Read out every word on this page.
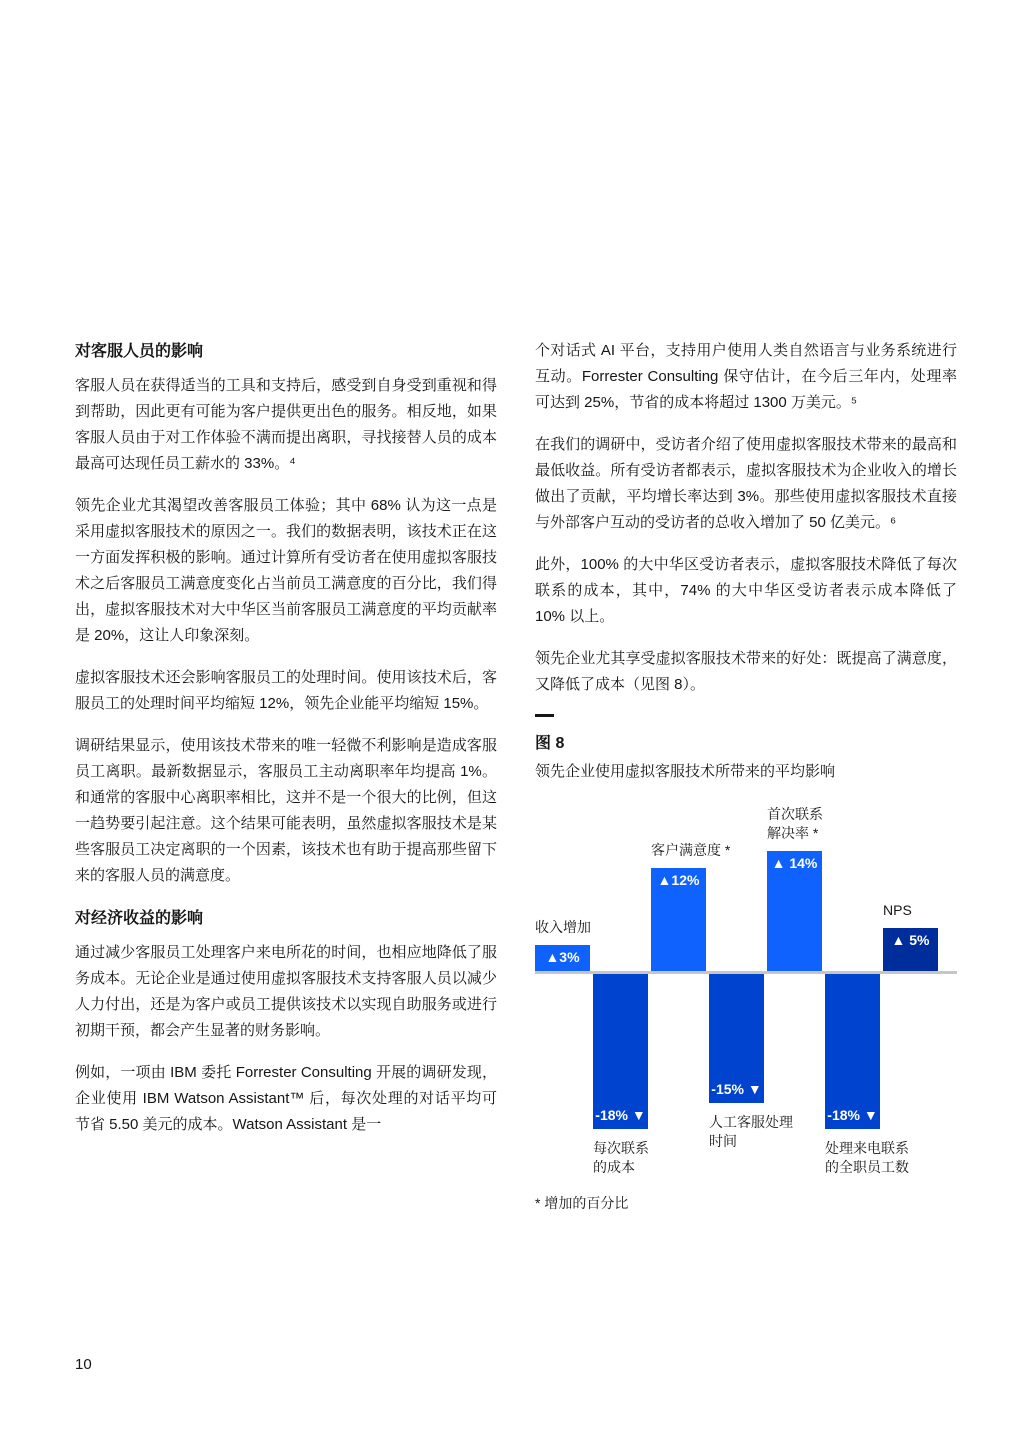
对客服人员的影响

客服人员在获得适当的工具和支持后，感受到自身受到重视和得到帮助，因此更有可能为客户提供更出色的服务。相反地，如果客服人员由于对工作体验不满而提出离职，寻找接替人员的成本最高可达现任员工薪水的 33%。⁴

领先企业尤其渴望改善客服员工体验；其中 68% 认为这一点是采用虚拟客服技术的原因之一。我们的数据表明，该技术正在这一方面发挥积极的影响。通过计算所有受访者在使用虚拟客服技术之后客服员工满意度变化占当前员工满意度的百分比，我们得出，虚拟客服技术对大中华区当前客服员工满意度的平均贡献率是 20%，这让人印象深刻。

虚拟客服技术还会影响客服员工的处理时间。使用该技术后，客服员工的处理时间平均缩短 12%，领先企业能平均缩短 15%。

调研结果显示，使用该技术带来的唯一轻微不利影响是造成客服员工离职。最新数据显示，客服员工主动离职率年均提高 1%。和通常的客服中心离职率相比，这并不是一个很大的比例，但这一趋势要引起注意。这个结果可能表明，虽然虚拟客服技术是某些客服员工决定离职的一个因素，该技术也有助于提高那些留下来的客服人员的满意度。

对经济收益的影响

通过减少客服员工处理客户来电所花的时间，也相应地降低了服务成本。无论企业是通过使用虚拟客服技术支持客服人员以减少人力付出，还是为客户或员工提供该技术以实现自助服务或进行初期干预，都会产生显著的财务影响。

例如，一项由 IBM 委托 Forrester Consulting 开展的调研发现，企业使用 IBM Watson Assistant™ 后，每次处理的对话平均可节省 5.50 美元的成本。Watson Assistant 是一

个对话式 AI 平台，支持用户使用人类自然语言与业务系统进行互动。Forrester Consulting 保守估计，在今后三年内，处理率可达到 25%，节省的成本将超过 1300 万美元。⁵

在我们的调研中，受访者介绍了使用虚拟客服技术带来的最高和最低收益。所有受访者都表示，虚拟客服技术为企业收入的增长做出了贡献，平均增长率达到 3%。那些使用虚拟客服技术直接与外部客户互动的受访者的总收入增加了 50 亿美元。⁶

此外，100% 的大中华区受访者表示，虚拟客服技术降低了每次联系的成本，其中，74% 的大中华区受访者表示成本降低了 10% 以上。

领先企业尤其享受虚拟客服技术带来的好处：既提高了满意度，又降低了成本（见图 8）。

图 8
领先企业使用虚拟客服技术所带来的平均影响
▲3%
收入增加
-18% ▼
每次联系
的成本
▲12%
客户满意度 *
-15% ▼
人工客服处理
时间
▲ 14%
首次联系
解决率 *
-18% ▼
处理来电联系
的全职员工数
▲ 5%
NPS
* 增加的百分比
10
